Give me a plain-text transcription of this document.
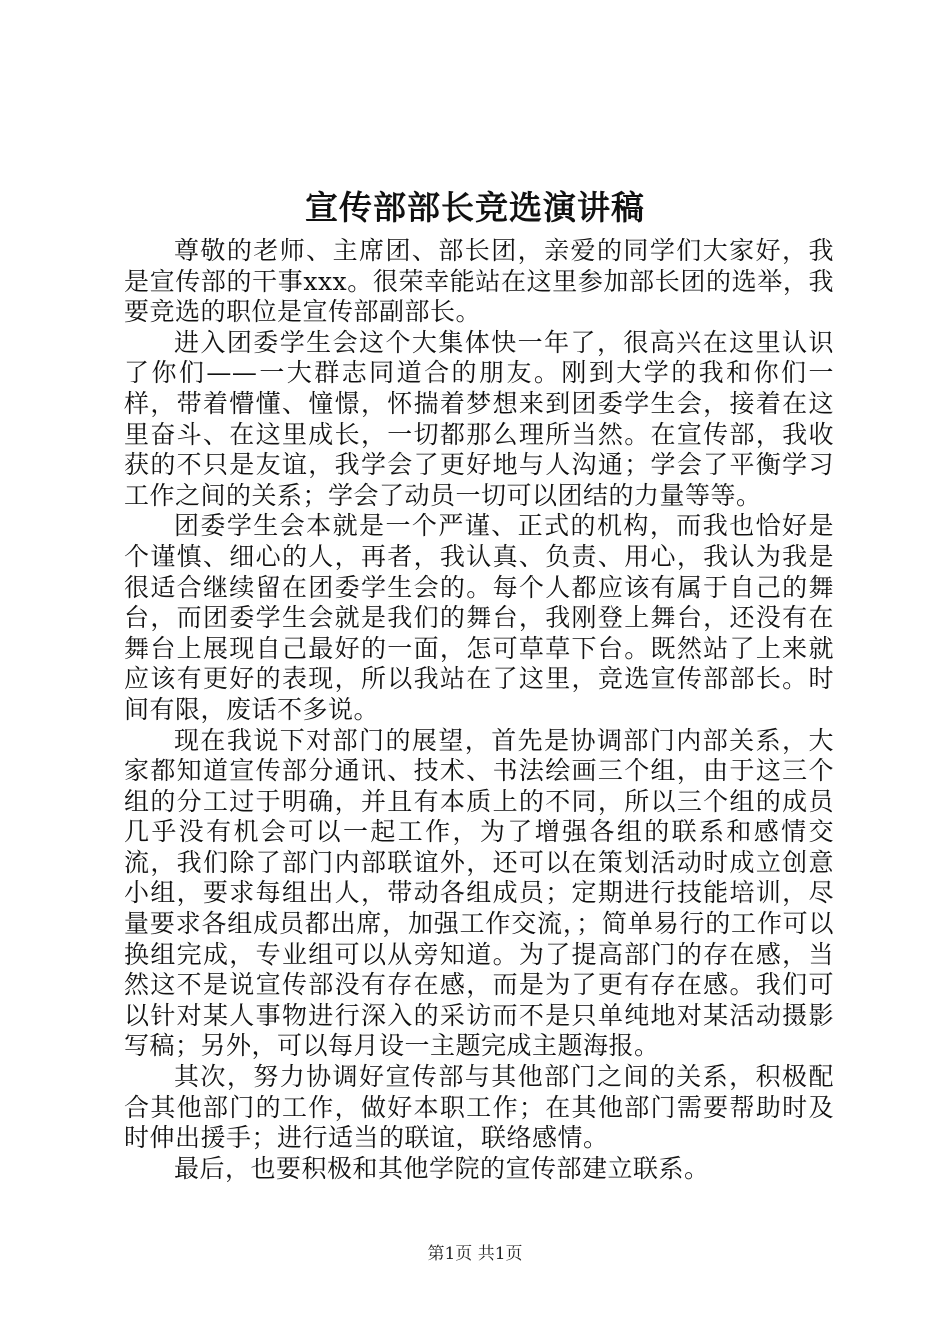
宣传部部长竞选演讲稿

尊敬的老师、主席团、部长团，亲爱的同学们大家好，我是宣传部的干事xxx。很荣幸能站在这里参加部长团的选举，我要竞选的职位是宣传部副部长。

进入团委学生会这个大集体快一年了，很高兴在这里认识了你们——一大群志同道合的朋友。刚到大学的我和你们一样，带着懵懂、憧憬，怀揣着梦想来到团委学生会，接着在这里奋斗、在这里成长，一切都那么理所当然。在宣传部，我收获的不只是友谊，我学会了更好地与人沟通；学会了平衡学习工作之间的关系；学会了动员一切可以团结的力量等等。

团委学生会本就是一个严谨、正式的机构，而我也恰好是个谨慎、细心的人，再者，我认真、负责、用心，我认为我是很适合继续留在团委学生会的。每个人都应该有属于自己的舞台，而团委学生会就是我们的舞台，我刚登上舞台，还没有在舞台上展现自己最好的一面，怎可草草下台。既然站了上来就应该有更好的表现，所以我站在了这里，竞选宣传部部长。时间有限，废话不多说。

现在我说下对部门的展望，首先是协调部门内部关系，大家都知道宣传部分通讯、技术、书法绘画三个组，由于这三个组的分工过于明确，并且有本质上的不同，所以三个组的成员几乎没有机会可以一起工作，为了增强各组的联系和感情交流，我们除了部门内部联谊外，还可以在策划活动时成立创意小组，要求每组出人，带动各组成员；定期进行技能培训，尽量要求各组成员都出席，加强工作交流，；简单易行的工作可以换组完成，专业组可以从旁知道。为了提高部门的存在感，当然这不是说宣传部没有存在感，而是为了更有存在感。我们可以针对某人事物进行深入的采访而不是只单纯地对某活动摄影写稿；另外，可以每月设一主题完成主题海报。

其次，努力协调好宣传部与其他部门之间的关系，积极配合其他部门的工作，做好本职工作；在其他部门需要帮助时及时伸出援手；进行适当的联谊，联络感情。

最后，也要积极和其他学院的宣传部建立联系。

第1页 共1页
